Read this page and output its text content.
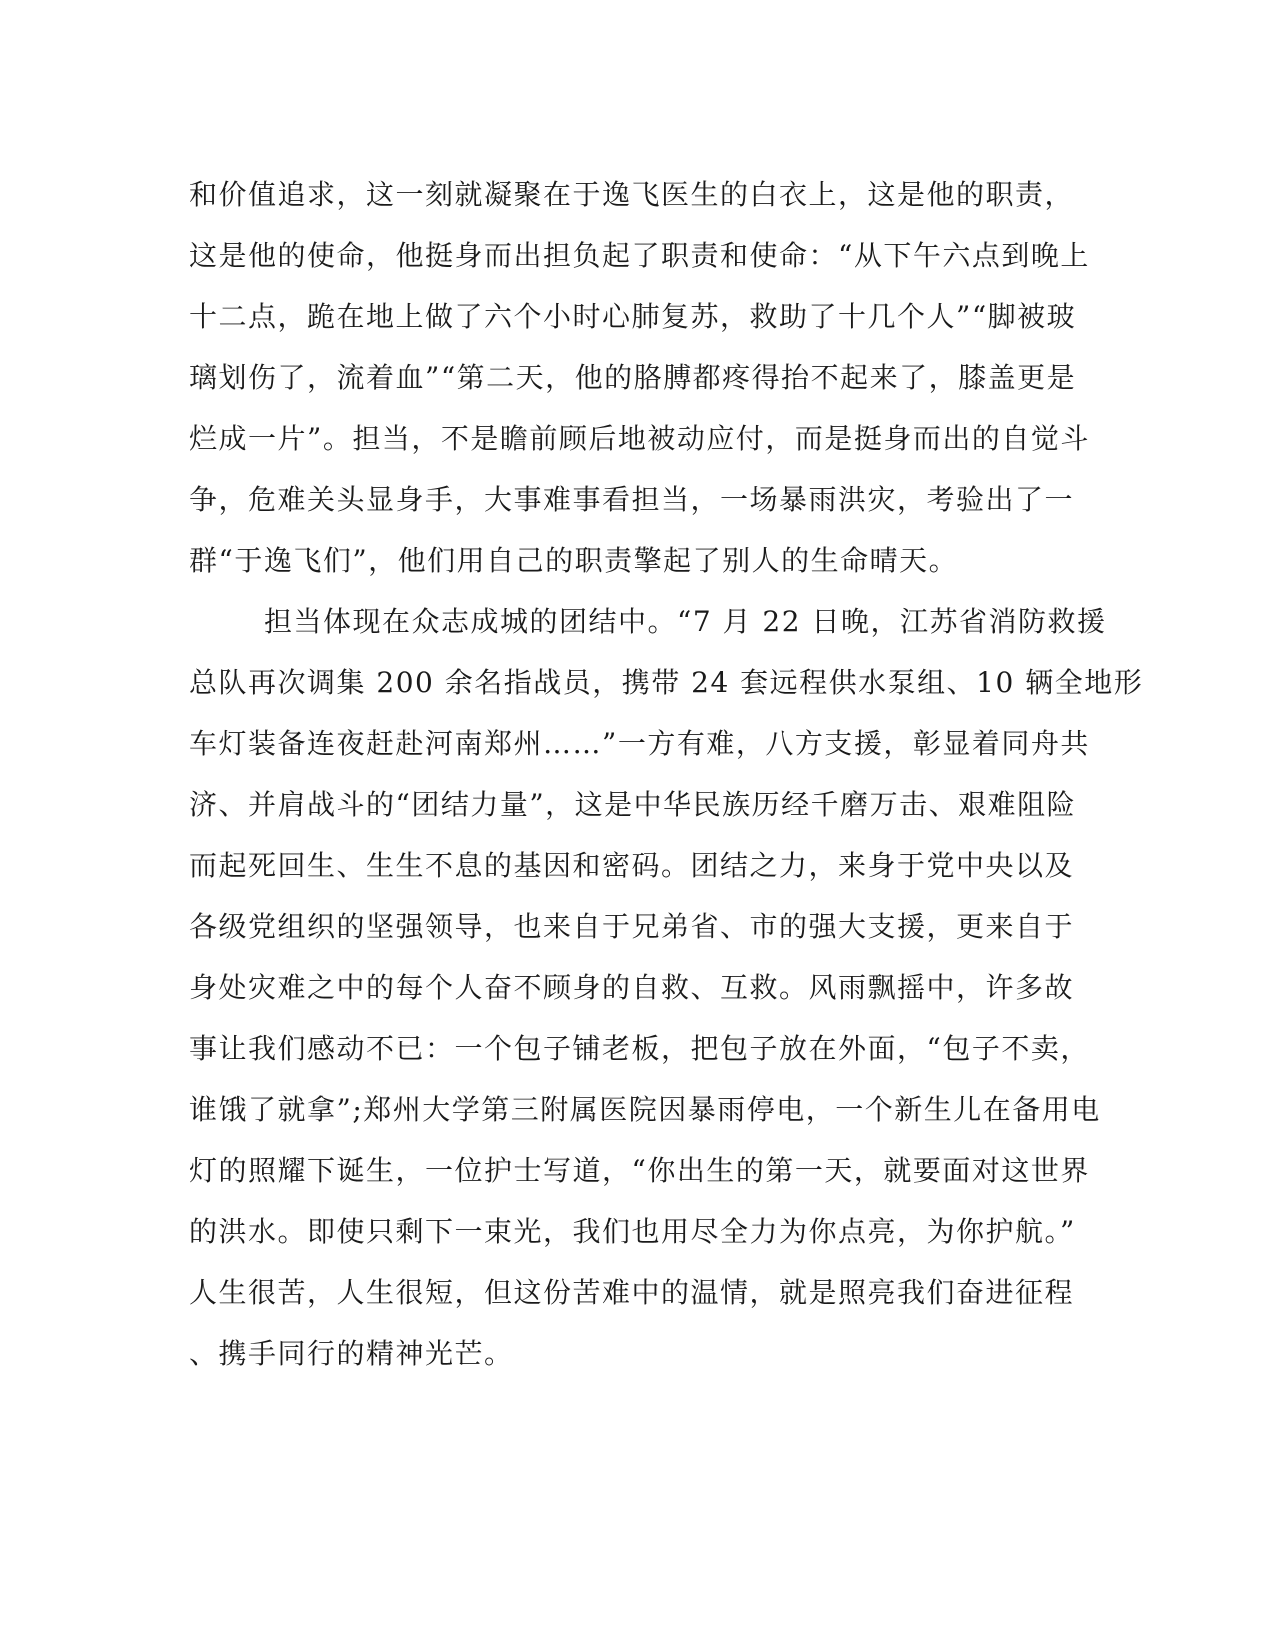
和价值追求，这一刻就凝聚在于逸飞医生的白衣上，这是他的职责，
这是他的使命，他挺身而出担负起了职责和使命：“从下午六点到晚上
十二点，跪在地上做了六个小时心肺复苏，救助了十几个人”“脚被玻
璃划伤了，流着血”“第二天，他的胳膊都疼得抬不起来了，膝盖更是
烂成一片”。担当，不是瞻前顾后地被动应付，而是挺身而出的自觉斗
争，危难关头显身手，大事难事看担当，一场暴雨洪灾，考验出了一
群“于逸飞们”，他们用自己的职责擎起了别人的生命晴天。
担当体现在众志成城的团结中。“7 月 22 日晚，江苏省消防救援
总队再次调集 200 余名指战员，携带 24 套远程供水泵组、10 辆全地形
车灯装备连夜赶赴河南郑州……”一方有难，八方支援，彰显着同舟共
济、并肩战斗的“团结力量”，这是中华民族历经千磨万击、艰难阻险
而起死回生、生生不息的基因和密码。团结之力，来身于党中央以及
各级党组织的坚强领导，也来自于兄弟省、市的强大支援，更来自于
身处灾难之中的每个人奋不顾身的自救、互救。风雨飘摇中，许多故
事让我们感动不已：一个包子铺老板，把包子放在外面，“包子不卖，
谁饿了就拿”;郑州大学第三附属医院因暴雨停电，一个新生儿在备用电
灯的照耀下诞生，一位护士写道，“你出生的第一天，就要面对这世界
的洪水。即使只剩下一束光，我们也用尽全力为你点亮，为你护航。”
人生很苦，人生很短，但这份苦难中的温情，就是照亮我们奋进征程
、携手同行的精神光芒。
